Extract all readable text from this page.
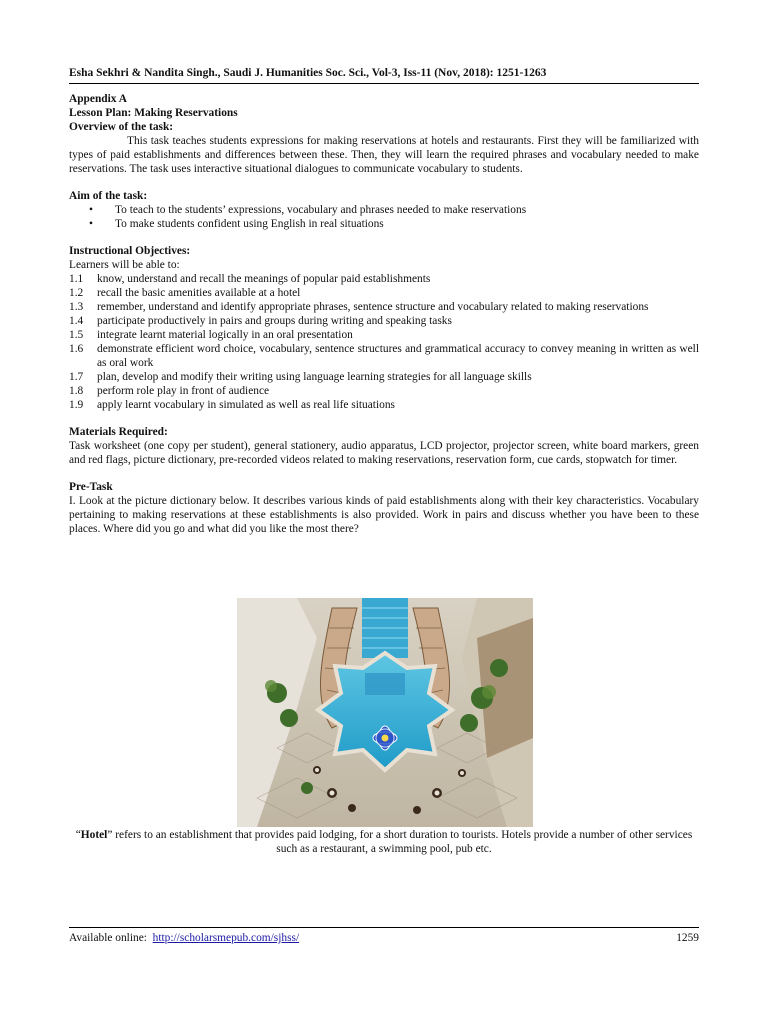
Esha Sekhri & Nandita Singh., Saudi J. Humanities Soc. Sci., Vol-3, Iss-11 (Nov, 2018): 1251-1263
Appendix A
Lesson Plan: Making Reservations
Overview of the task:

This task teaches students expressions for making reservations at hotels and restaurants. First they will be familiarized with types of paid establishments and differences between these. Then, they will learn the required phrases and vocabulary needed to make reservations. The task uses interactive situational dialogues to communicate vocabulary to students.

Aim of the task:
• To teach to the students’ expressions, vocabulary and phrases needed to make reservations
• To make students confident using English in real situations
Instructional Objectives:
Learners will be able to:
1.1	know, understand and recall the meanings of popular paid establishments
1.2	recall the basic amenities available at a hotel
1.3	remember, understand and identify appropriate phrases, sentence structure and vocabulary related to making reservations
1.4	participate productively in pairs and groups during writing and speaking tasks
1.5	integrate learnt material logically in an oral presentation
1.6	demonstrate efficient word choice, vocabulary, sentence structures and grammatical accuracy to convey meaning in written as well as oral work
1.7	plan, develop and modify their writing using language learning strategies for all language skills
1.8	perform role play in front of audience
1.9	apply learnt vocabulary in simulated as well as real life situations
Materials Required:

Task worksheet (one copy per student), general stationery, audio apparatus, LCD projector, projector screen, white board markers, green and red flags, picture dictionary, pre-recorded videos related to making reservations, reservation form, cue cards, stopwatch for timer.

Pre-Task

I. Look at the picture dictionary below. It describes various kinds of paid establishments along with their key characteristics. Vocabulary pertaining to making reservations at these establishments is also provided. Work in pairs and discuss whether you have been to these places. Where did you go and what did you like the most there?

“Hotel” refers to an establishment that provides paid lodging, for a short duration to tourists. Hotels provide a number of other services such as a restaurant, a swimming pool, pub etc.
Available online: http://scholarsmepub.com/sjhss/	1259
